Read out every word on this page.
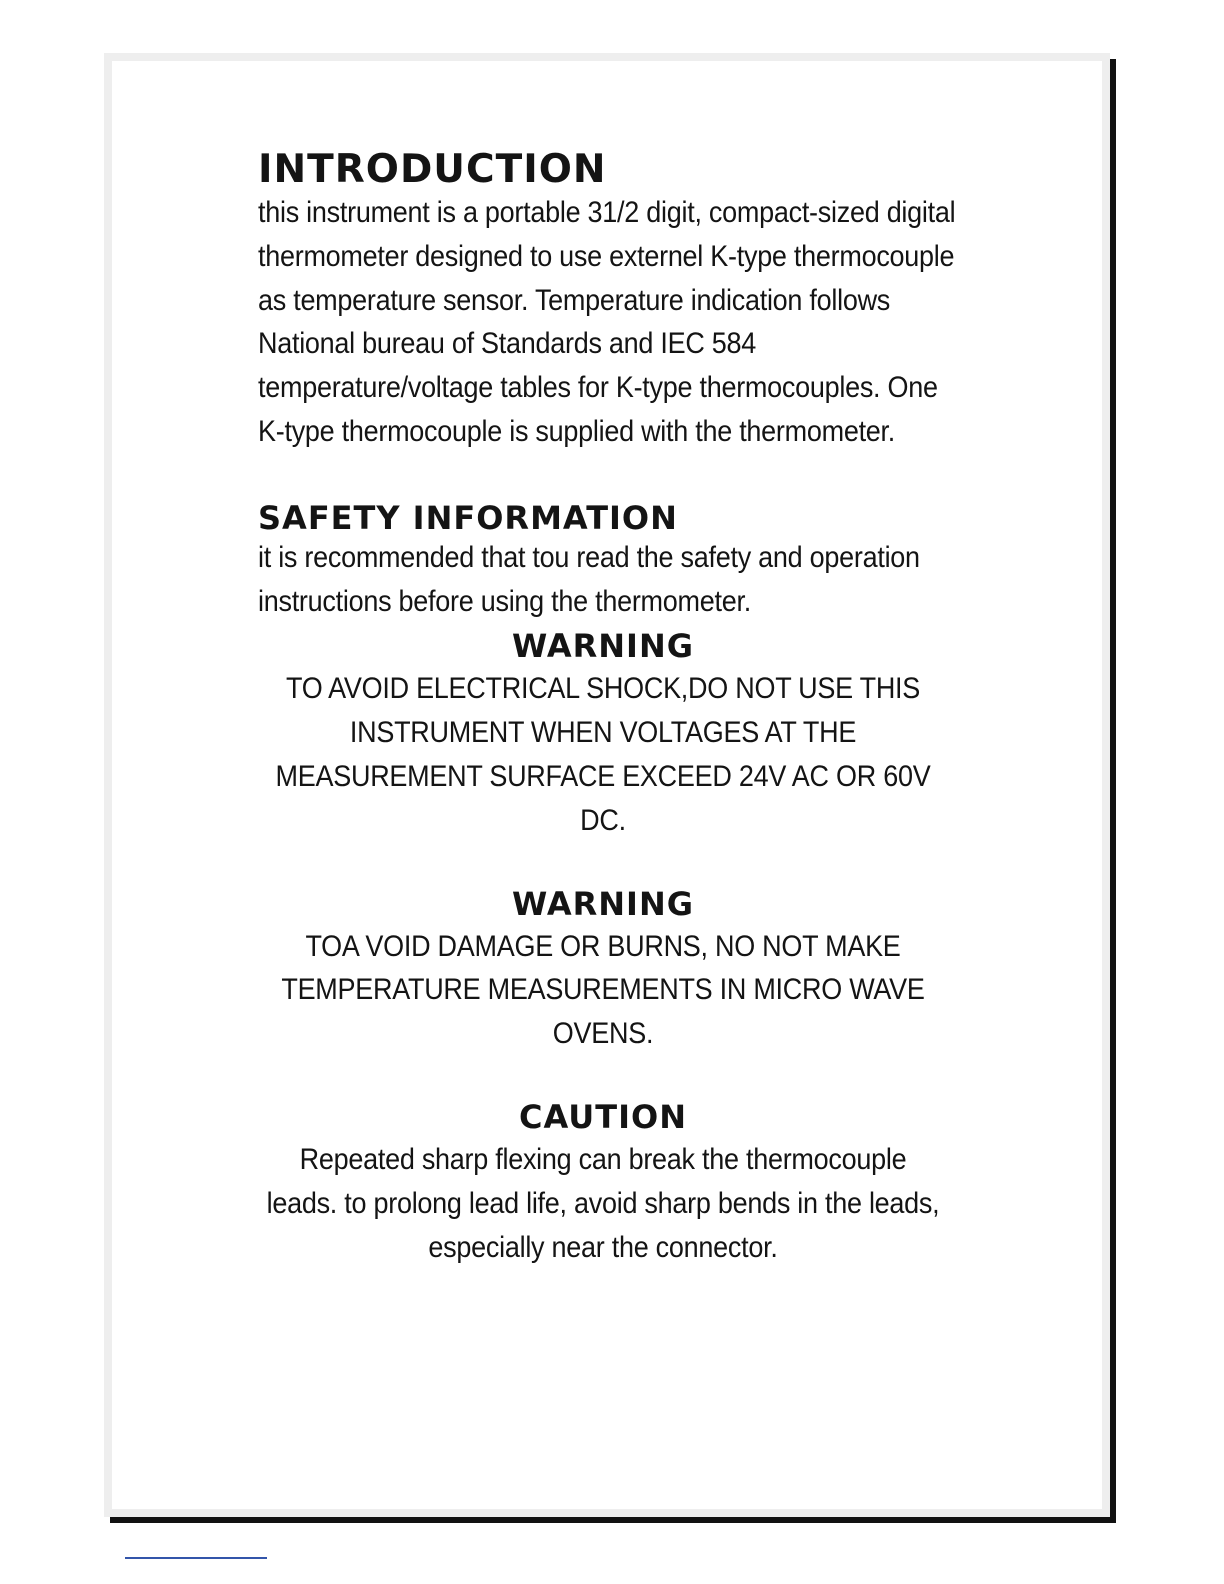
INTRODUCTION

this instrument is a portable 31/2 digit, compact-sized digital thermometer designed to use externel K-type thermocouple as temperature sensor. Temperature indication follows National bureau of Standards and IEC 584 temperature/voltage tables for K-type thermocouples. One K-type thermocouple is supplied with the thermometer.

SAFETY INFORMATION

it is recommended that tou read the safety and operation instructions before using the thermometer.

WARNING

TO AVOID ELECTRICAL SHOCK,DO NOT USE THIS INSTRUMENT WHEN VOLTAGES AT THE MEASUREMENT SURFACE EXCEED 24V AC OR 60V DC.

WARNING

TOA VOID DAMAGE OR BURNS, NO NOT MAKE TEMPERATURE MEASUREMENTS IN MICRO WAVE OVENS.

CAUTION

Repeated sharp flexing can break the thermocouple leads. to prolong lead life, avoid sharp bends in the leads, especially near the connector.
